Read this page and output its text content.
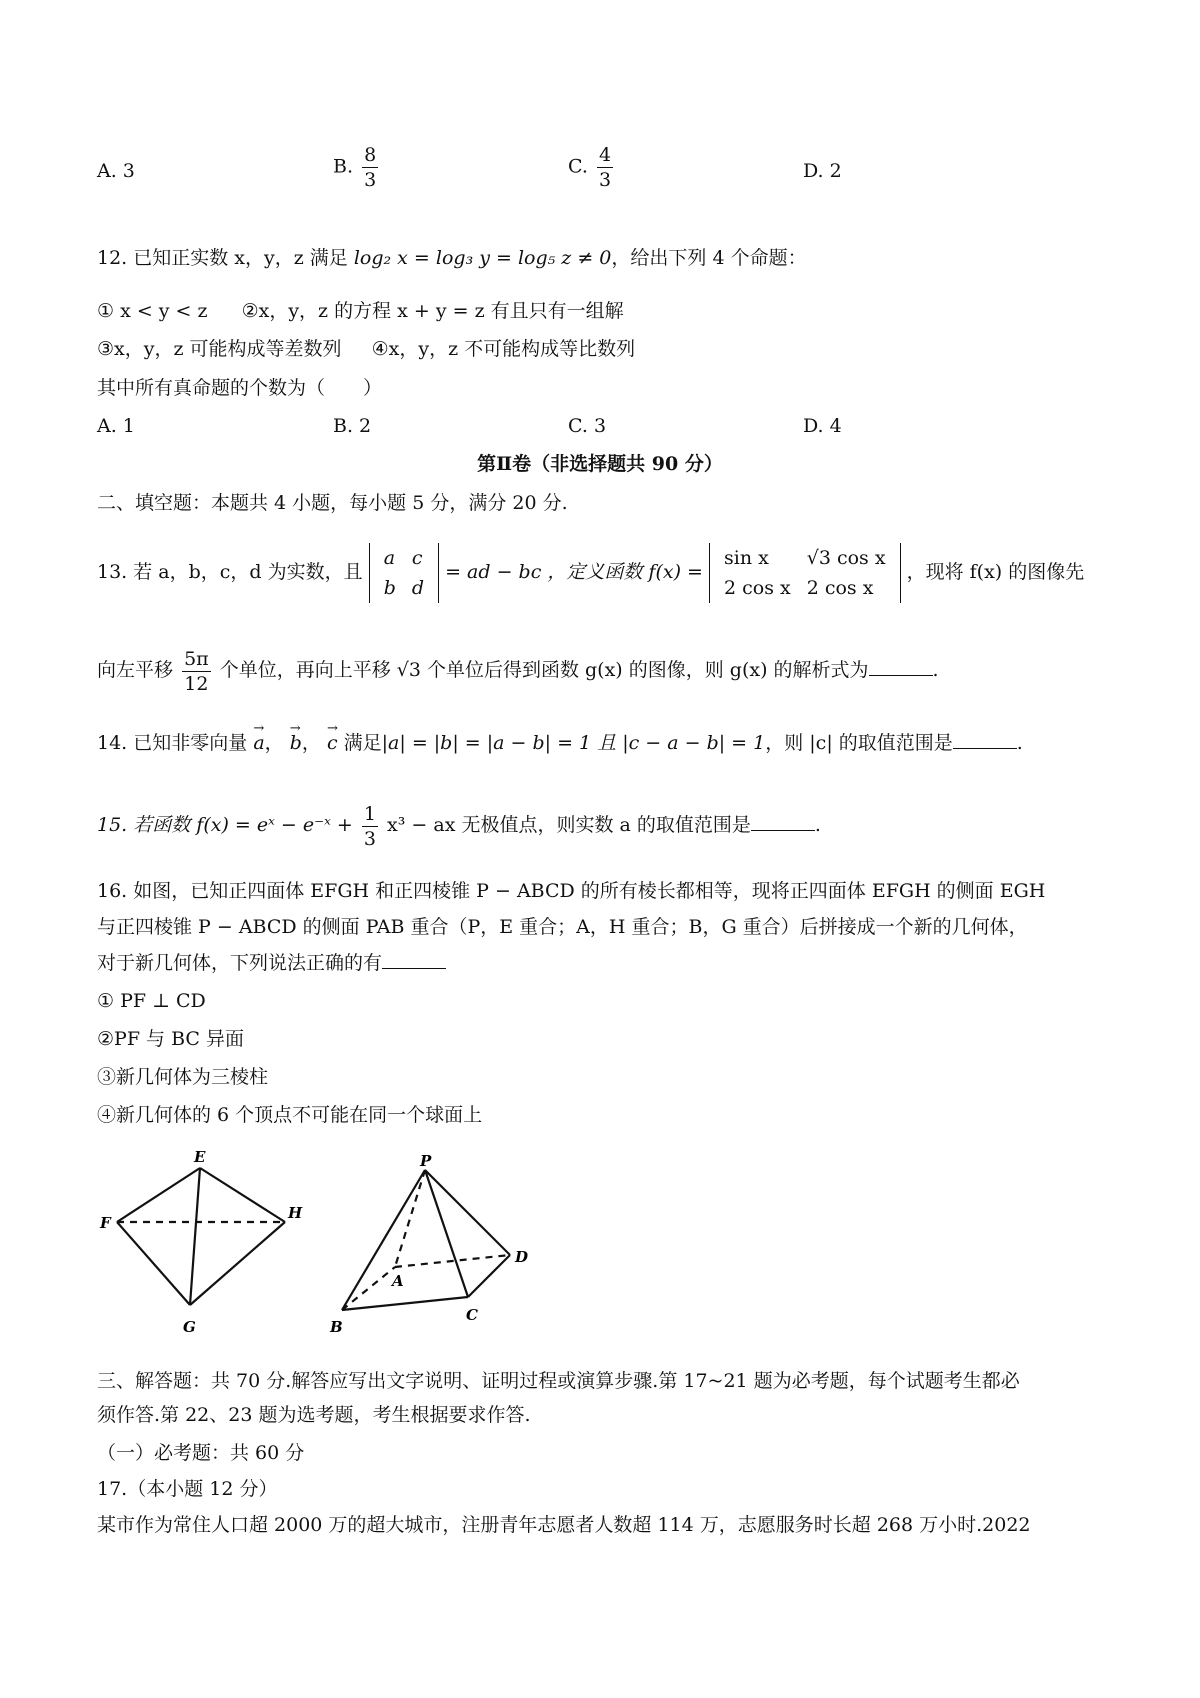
A. 3	B. $\frac{8}{3}$	C. $\frac{4}{3}$	D. 2
12. 已知正实数 x，y，z 满足 log₂ x = log₃ y = log₅ z ≠ 0，给出下列 4 个命题：
① x < y < z ②x，y，z 的方程 x + y = z 有且只有一组解
③x，y，z 可能构成等差数列 ④x，y，z 不可能构成等比数列
其中所有真命题的个数为（　　）
A. 1	B. 2	C. 3	D. 4
第Ⅱ卷（非选择题共 90 分）
二、填空题：本题共 4 小题，每小题 5 分，满分 20 分.
13. 若 a，b，c，d 为实数，且 a	c
b	d = ad − bc ，定义函数 f(x) = sin x	√3 cos x
2 cos x	2 cos x ，现将 f(x) 的图像先
向左平移 $\frac{5\pi}{12}$ 个单位，再向上平移 √3 个单位后得到函数 g(x) 的图像，则 g(x) 的解析式为	.
14. 已知非零向量 → a， → b， → c 满足|a| = |b| = |a − b| = 1 且 |c − a − b| = 1，则 |c| 的取值范围是	.
15. 若函数 f(x) = eˣ − e⁻ˣ + $\frac{1}{3} x^3$ − ax 无极值点，则实数 a 的取值范围是	.
16. 如图，已知正四面体 EFGH 和正四棱锥 P − ABCD 的所有棱长都相等，现将正四面体 EFGH 的侧面 EGH
与正四棱锥 P − ABCD 的侧面 PAB 重合（P，E 重合；A，H 重合；B，G 重合）后拼接成一个新的几何体，
对于新几何体，下列说法正确的有
① PF ⊥ CD
②PF 与 BC 异面
③新几何体为三棱柱
④新几何体的 6 个顶点不可能在同一个球面上
E
F
G
H
P
A
B
C
D
三、解答题：共 70 分.解答应写出文字说明、证明过程或演算步骤.第 17~21 题为必考题，每个试题考生都必
须作答.第 22、23 题为选考题，考生根据要求作答.
（一）必考题：共 60 分
17.（本小题 12 分）
某市作为常住人口超 2000 万的超大城市，注册青年志愿者人数超 114 万，志愿服务时长超 268 万小时.2022
